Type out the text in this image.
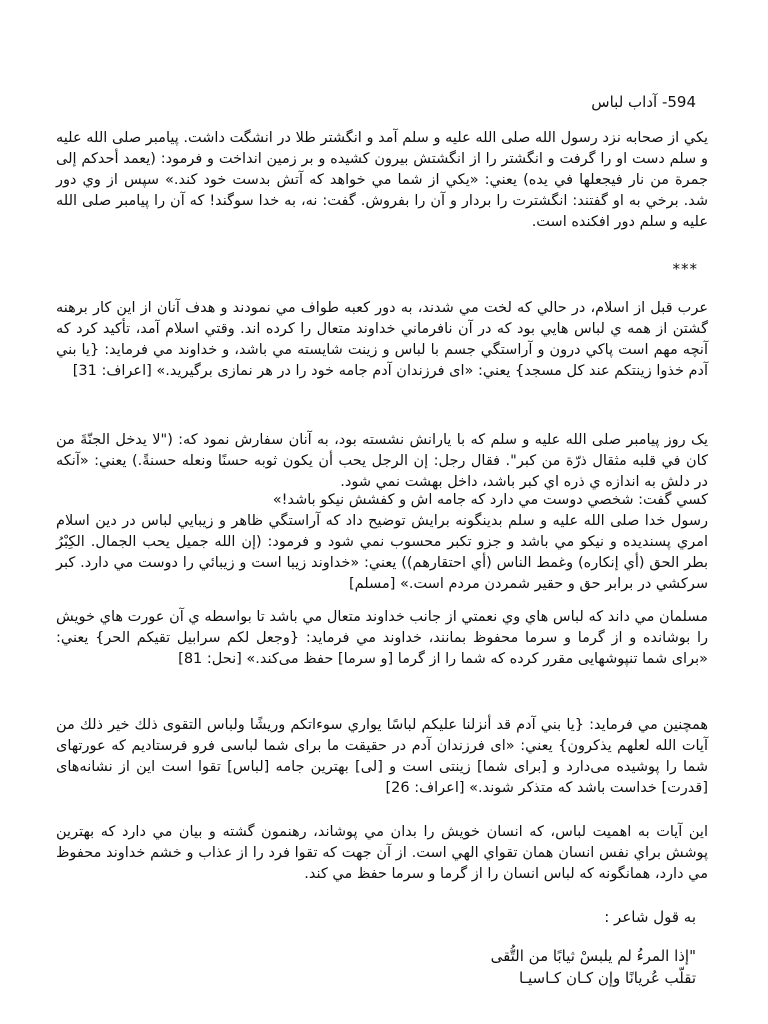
594- آداب لباس

يكي از صحابه نزد رسول الله صلى الله عليه و سلم آمد و انگشتر طلا در انشگت داشت. پيامبر صلى الله عليه و سلم دست او را گرفت و انگشتر را از انگشتش بيرون كشيده و بر زمين انداخت و فرمود: (يعمد أحدكم إلى جمرة من نار فيجعلها في يده) يعني: «يكي از شما مي خواهد كه آتش بدست خود كند.» سپس از وي دور شد. برخي به او گفتند: انگشترت را بردار و آن را بفروش. گفت: نه، به خدا سوگند! كه آن را پيامبر صلى الله عليه و سلم دور افكنده است.

***

عرب قبل از اسلام، در حالي كه لخت مي شدند، به دور كعبه طواف مي نمودند و هدف آنان از اين كار برهنه گشتن از همه ي لباس هايي بود كه در آن نافرماني خداوند متعال را كرده اند. وقتي اسلام آمد، تأكيد كرد كه آنچه مهم است پاكي درون و آراستگي جسم با لباس و زينت شايسته مي باشد، و خداوند مي فرمايد: {يا بني آدم خذوا زينتكم عند كل مسجد} يعني: «اى فرزندان آدم جامه خود را در هر نمازى برگيريد.» [اعراف: 31]

يک روز پيامبر صلى الله عليه و سلم كه با يارانش نشسته بود، به آنان سفارش نمود كه: ("لا يدخل الجنّةَ من كان في قلبه مثقال ذرّة من كبر". فقال رجل: إن الرجل يحب أن يكون ثوبه حسنًا ونعله حسنةً.) يعني: «آنكه در دلش به اندازه ي ذره اي كبر باشد، داخل بهشت نمي شود.

كسي گفت: شخصي دوست مي دارد كه جامه اش و كفشش نيكو باشد!»

رسول خدا صلى الله عليه و سلم بدينگونه برايش توضيح داد كه آراستگي ظاهر و زيبايي لباس در دين اسلام امري پسنديده و نيكو مي باشد و جزو تكبر محسوب نمي شود و فرمود: (إن الله جميل يحب الجمال. الكِبْرُ بطر الحق (أي إنكاره) وغمط الناس (أي احتقارهم)) يعني: «خداوند زيبا است و زيبائي را دوست مي دارد. كبر سركشي در برابر حق و حقير شمردن مردم است.» [مسلم]

مسلمان مي داند كه لباس هاي وي نعمتي از جانب خداوند متعال مي باشد تا بواسطه ي آن عورت هاي خويش را بوشانده و از گرما و سرما محفوظ بمانند، خداوند مي فرمايد: {وجعل لكم سرابيل تقيكم الحر} يعني: «براى شما تنپوشهايى مقرر كرده كه شما را از گرما [و سرما] حفظ مى‌كند.» [نحل: 81]

همچنين مي فرمايد: {يا بني آدم قد أنزلنا عليكم لباسًا يواري سوءاتكم وريشًا ولباس التقوى ذلك خير ذلك من آيات الله لعلهم يذكرون} يعني: «اى فرزندان آدم در حقيقت ما براى شما لباسى فرو فرستاديم كه عورتهاى شما را پوشيده مى‌دارد و [براى شما] زينتى است و [لى] بهترين جامه [لباس] تقوا است اين از نشانه‌هاى [قدرت] خداست باشد كه متذكر شوند.» [اعراف: 26]

اين آيات به اهميت لباس، كه انسان خويش را بدان مي پوشاند، رهنمون گشته و بيان مي دارد كه بهترين پوشش براي نفس انسان همان تقواي الهي است. از آن جهت كه تقوا فرد را از عذاب و خشم خداوند محفوظ مي دارد، همانگونه كه لباس انسان را از گرما و سرما حفظ مي كند.

به قول شاعر :

"إذا المرءُ لم يلبسْ ثيابًا من التُّقى

تقلّب عُريانًا وإن كـان كـاسيـا
